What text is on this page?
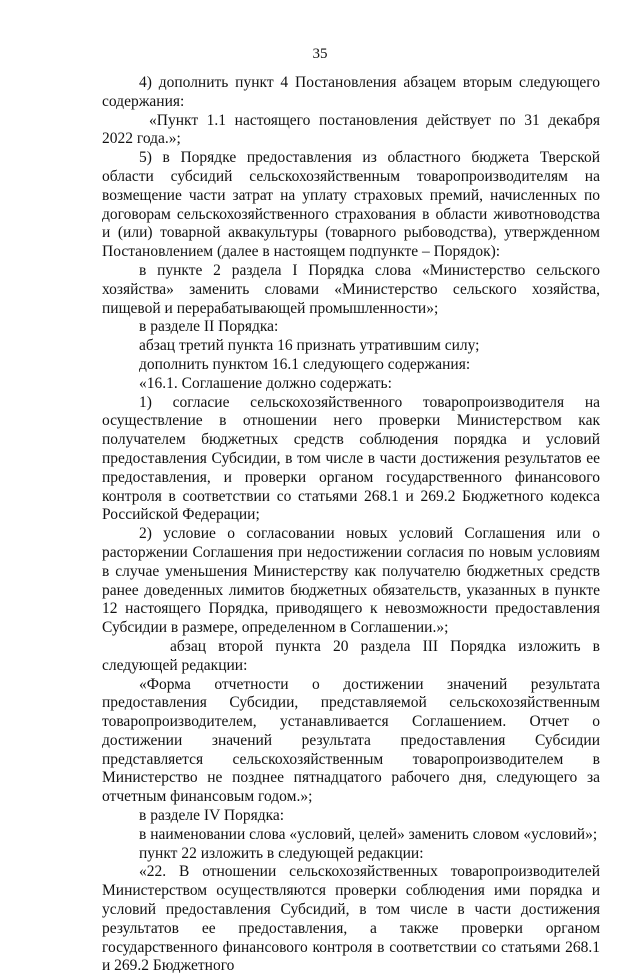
35

4) дополнить пункт 4 Постановления абзацем вторым следующего содержания:

«Пункт 1.1 настоящего постановления действует по 31 декабря 2022 года.»;

5) в Порядке предоставления из областного бюджета Тверской области субсидий сельскохозяйственным товаропроизводителям на возмещение части затрат на уплату страховых премий, начисленных по договорам сельскохозяйственного страхования в области животноводства и (или) товарной аквакультуры (товарного рыбоводства), утвержденном Постановлением (далее в настоящем подпункте – Порядок):

в пункте 2 раздела I Порядка слова «Министерство сельского хозяйства» заменить словами «Министерство сельского хозяйства, пищевой и перерабатывающей промышленности»;

в разделе II Порядка:

абзац третий пункта 16 признать утратившим силу;

дополнить пунктом 16.1 следующего содержания:

«16.1. Соглашение должно содержать:

1) согласие сельскохозяйственного товаропроизводителя на осуществление в отношении него проверки Министерством как получателем бюджетных средств соблюдения порядка и условий предоставления Субсидии, в том числе в части достижения результатов ее предоставления, и проверки органом государственного финансового контроля в соответствии со статьями 268.1 и 269.2 Бюджетного кодекса Российской Федерации;

2) условие о согласовании новых условий Соглашения или о расторжении Соглашения при недостижении согласия по новым условиям в случае уменьшения Министерству как получателю бюджетных средств ранее доведенных лимитов бюджетных обязательств, указанных в пункте 12 настоящего Порядка, приводящего к невозможности предоставления Субсидии в размере, определенном в Соглашении.»;

абзац второй пункта 20 раздела III Порядка изложить в следующей редакции:

«Форма отчетности о достижении значений результата предоставления Субсидии, представляемой сельскохозяйственным товаропроизводителем, устанавливается Соглашением. Отчет о достижении значений результата предоставления Субсидии представляется сельскохозяйственным товаропроизводителем в Министерство не позднее пятнадцатого рабочего дня, следующего за отчетным финансовым годом.»;

в разделе IV Порядка:

в наименовании слова «условий, целей» заменить словом «условий»;

пункт 22 изложить в следующей редакции:

«22. В отношении сельскохозяйственных товаропроизводителей Министерством осуществляются проверки соблюдения ими порядка и условий предоставления Субсидий, в том числе в части достижения результатов ее предоставления, а также проверки органом государственного финансового контроля в соответствии со статьями 268.1 и 269.2 Бюджетного
